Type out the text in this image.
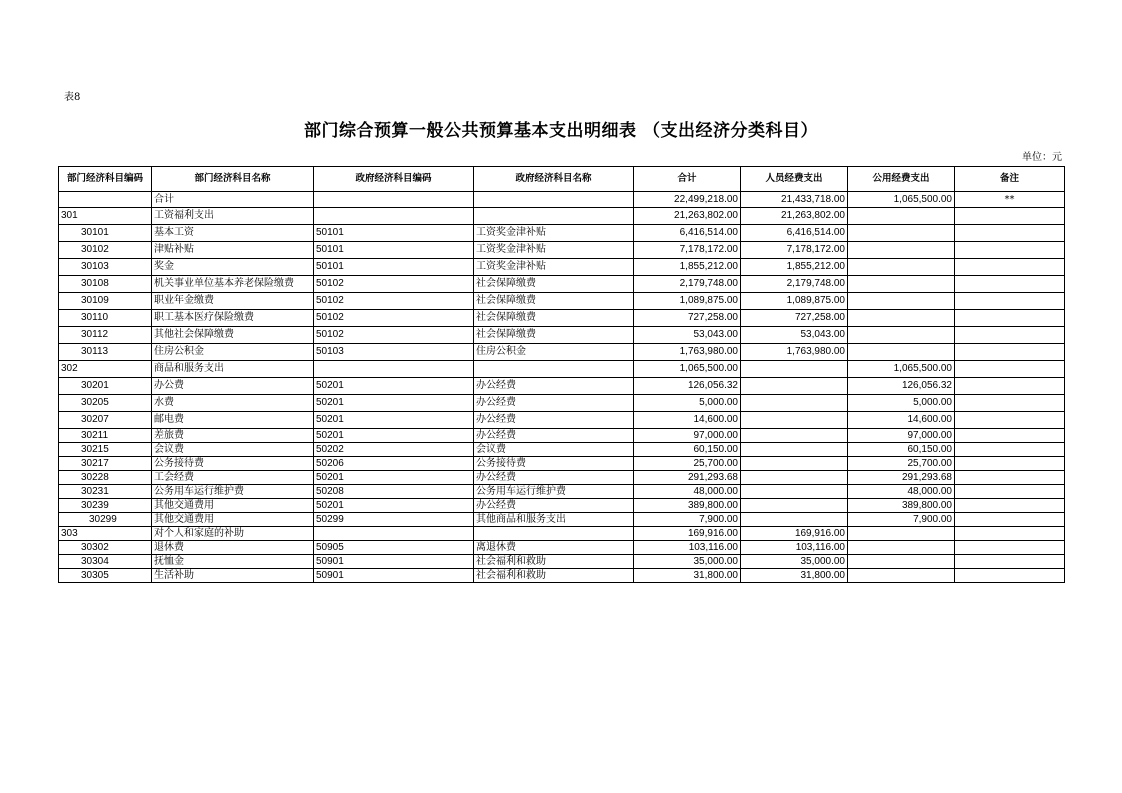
表8
部门综合预算一般公共预算基本支出明细表 （支出经济分类科目）
单位：元
部门经济科目编码	部门经济科目名称	政府经济科目编码	政府经济科目名称	合计	人员经费支出	公用经费支出	备注
	合计			22,499,218.00	21,433,718.00	1,065,500.00	**
301	工资福利支出			21,263,802.00	21,263,802.00		
30101	基本工资	50101	工资奖金津补贴	6,416,514.00	6,416,514.00		
30102	津贴补贴	50101	工资奖金津补贴	7,178,172.00	7,178,172.00		
30103	奖金	50101	工资奖金津补贴	1,855,212.00	1,855,212.00		
30108	机关事业单位基本养老保险缴费	50102	社会保障缴费	2,179,748.00	2,179,748.00		
30109	职业年金缴费	50102	社会保障缴费	1,089,875.00	1,089,875.00		
30110	职工基本医疗保险缴费	50102	社会保障缴费	727,258.00	727,258.00		
30112	其他社会保障缴费	50102	社会保障缴费	53,043.00	53,043.00		
30113	住房公积金	50103	住房公积金	1,763,980.00	1,763,980.00		
302	商品和服务支出			1,065,500.00		1,065,500.00	
30201	办公费	50201	办公经费	126,056.32		126,056.32	
30205	水费	50201	办公经费	5,000.00		5,000.00	
30207	邮电费	50201	办公经费	14,600.00		14,600.00	
30211	差旅费	50201	办公经费	97,000.00		97,000.00	
30215	会议费	50202	会议费	60,150.00		60,150.00	
30217	公务接待费	50206	公务接待费	25,700.00		25,700.00	
30228	工会经费	50201	办公经费	291,293.68		291,293.68	
30231	公务用车运行维护费	50208	公务用车运行维护费	48,000.00		48,000.00	
30239	其他交通费用	50201	办公经费	389,800.00		389,800.00	
30299	其他交通费用	50299	其他商品和服务支出	7,900.00		7,900.00	
303	对个人和家庭的补助			169,916.00	169,916.00		
30302	退休费	50905	离退休费	103,116.00	103,116.00		
30304	抚恤金	50901	社会福利和救助	35,000.00	35,000.00		
30305	生活补助	50901	社会福利和救助	31,800.00	31,800.00		
